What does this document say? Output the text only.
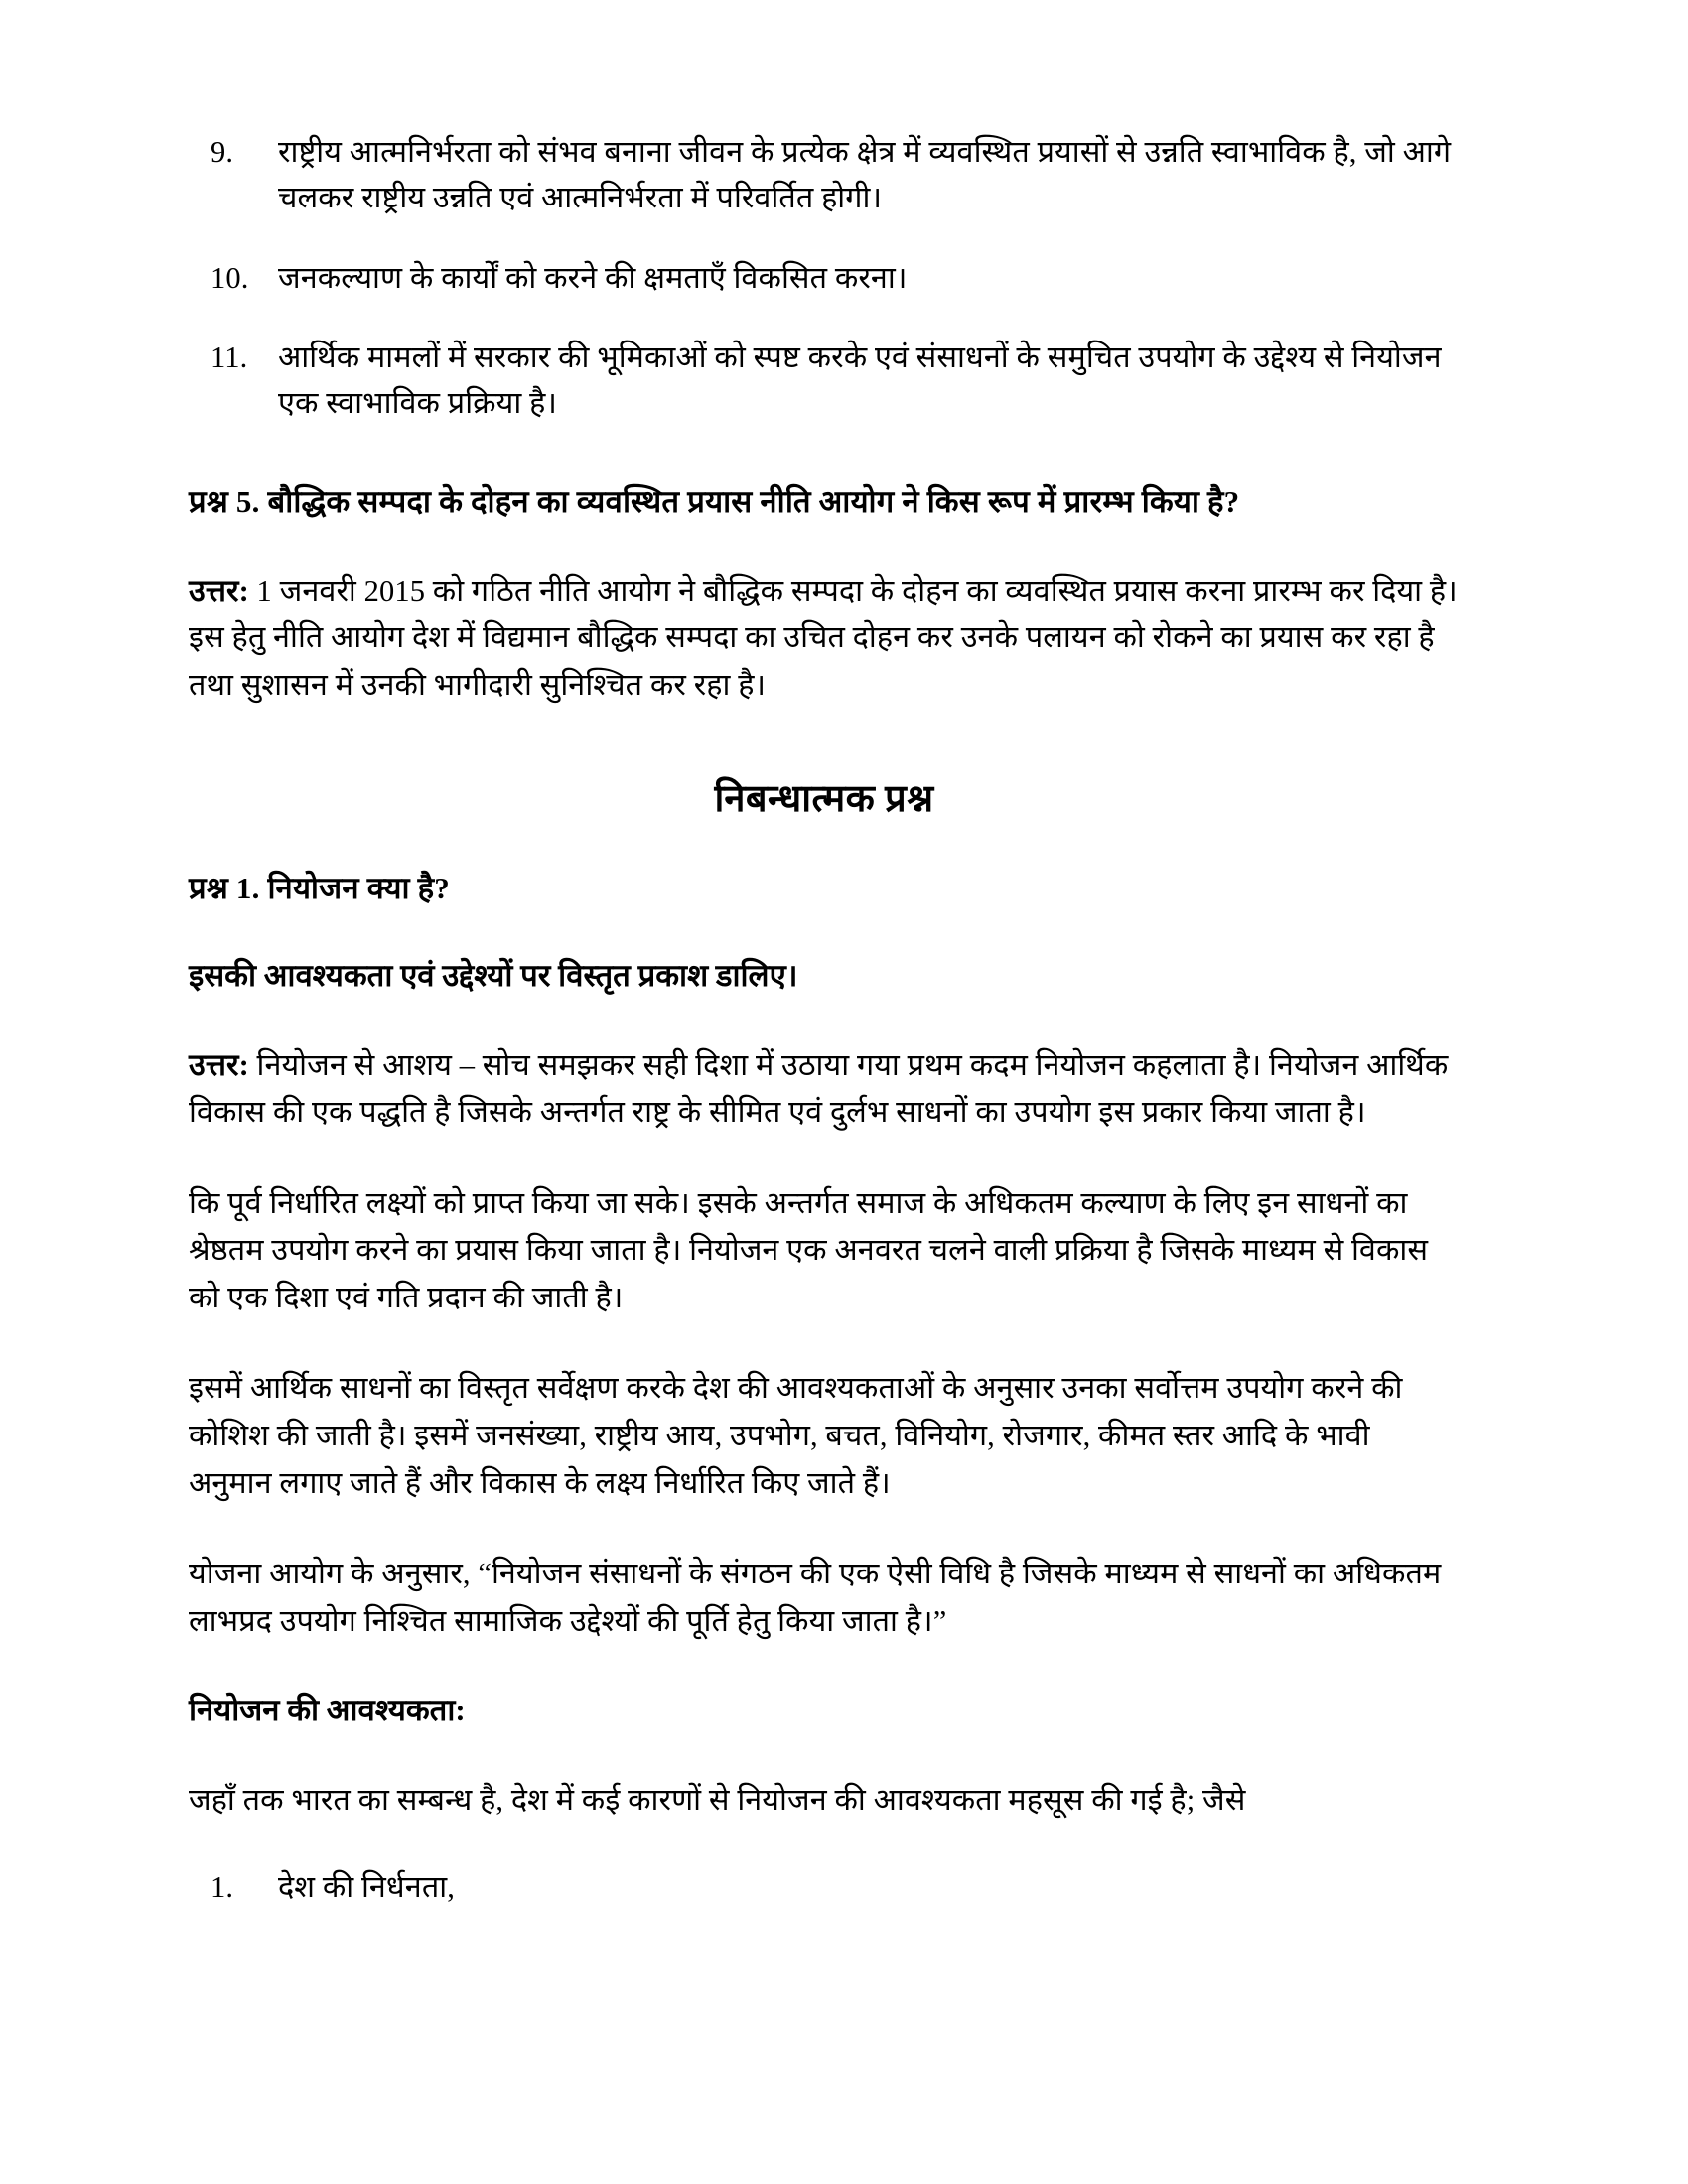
9.	राष्ट्रीय आत्मनिर्भरता को संभव बनाना जीवन के प्रत्येक क्षेत्र में व्यवस्थित प्रयासों से उन्नति स्वाभाविक है, जो आगे चलकर राष्ट्रीय उन्नति एवं आत्मनिर्भरता में परिवर्तित होगी।
10. जनकल्याण के कार्यों को करने की क्षमताएँ विकसित करना।
11.	आर्थिक मामलों में सरकार की भूमिकाओं को स्पष्ट करके एवं संसाधनों के समुचित उपयोग के उद्देश्य से नियोजन एक स्वाभाविक प्रक्रिया है।
प्रश्न 5. बौद्धिक सम्पदा के दोहन का व्यवस्थित प्रयास नीति आयोग ने किस रूप में प्रारम्भ किया है?

उत्तर: 1 जनवरी 2015 को गठित नीति आयोग ने बौद्धिक सम्पदा के दोहन का व्यवस्थित प्रयास करना प्रारम्भ कर दिया है। इस हेतु नीति आयोग देश में विद्यमान बौद्धिक सम्पदा का उचित दोहन कर उनके पलायन को रोकने का प्रयास कर रहा है तथा सुशासन में उनकी भागीदारी सुनिश्चित कर रहा है।

निबन्धात्मक प्रश्न
प्रश्न 1. नियोजन क्या है?
इसकी आवश्यकता एवं उद्देश्यों पर विस्तृत प्रकाश डालिए।

उत्तर: नियोजन से आशय – सोच समझकर सही दिशा में उठाया गया प्रथम कदम नियोजन कहलाता है। नियोजन आर्थिक विकास की एक पद्धति है जिसके अन्तर्गत राष्ट्र के सीमित एवं दुर्लभ साधनों का उपयोग इस प्रकार किया जाता है।

कि पूर्व निर्धारित लक्ष्यों को प्राप्त किया जा सके। इसके अन्तर्गत समाज के अधिकतम कल्याण के लिए इन साधनों का श्रेष्ठतम उपयोग करने का प्रयास किया जाता है। नियोजन एक अनवरत चलने वाली प्रक्रिया है जिसके माध्यम से विकास को एक दिशा एवं गति प्रदान की जाती है।

इसमें आर्थिक साधनों का विस्तृत सर्वेक्षण करके देश की आवश्यकताओं के अनुसार उनका सर्वोत्तम उपयोग करने की कोशिश की जाती है। इसमें जनसंख्या, राष्ट्रीय आय, उपभोग, बचत, विनियोग, रोजगार, कीमत स्तर आदि के भावी अनुमान लगाए जाते हैं और विकास के लक्ष्य निर्धारित किए जाते हैं।

योजना आयोग के अनुसार, “नियोजन संसाधनों के संगठन की एक ऐसी विधि है जिसके माध्यम से साधनों का अधिकतम लाभप्रद उपयोग निश्चित सामाजिक उद्देश्यों की पूर्ति हेतु किया जाता है।”

नियोजन की आवश्यकता:

जहाँ तक भारत का सम्बन्ध है, देश में कई कारणों से नियोजन की आवश्यकता महसूस की गई है; जैसे

1.	देश की निर्धनता,
